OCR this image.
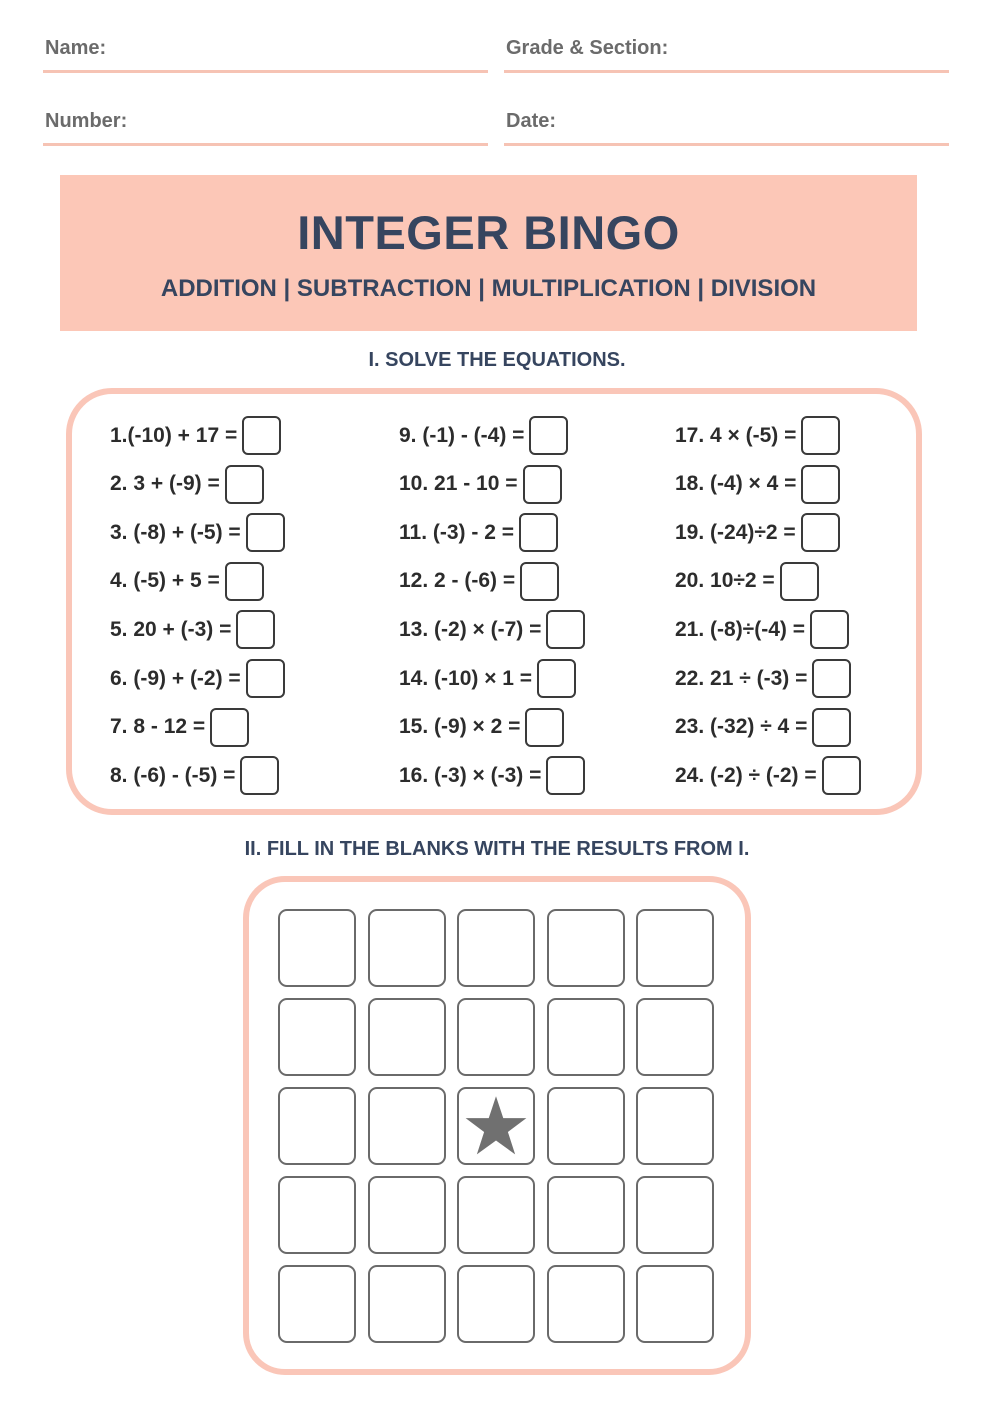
Name:	Grade & Section:
Number:	Date:
INTEGER BINGO
ADDITION | SUBTRACTION | MULTIPLICATION | DIVISION
I. SOLVE THE EQUATIONS.
1.(-10) + 17 =
2. 3 + (-9) =
3. (-8) + (-5) =
4. (-5) + 5 =
5. 20 + (-3) =
6. (-9) + (-2) =
7. 8 - 12 =
8. (-6) - (-5) =
9. (-1) - (-4) =
10. 21 - 10 =
11. (-3) - 2 =
12. 2 - (-6) =
13. (-2) × (-7) =
14. (-10) × 1 =
15. (-9) × 2 =
16. (-3) × (-3) =
17. 4 × (-5) =
18. (-4) × 4 =
19. (-24)÷2 =
20. 10÷2 =
21. (-8)÷(-4) =
22. 21 ÷ (-3) =
23. (-32) ÷ 4 =
24. (-2) ÷ (-2) =
II. FILL IN THE BLANKS WITH THE RESULTS FROM I.
